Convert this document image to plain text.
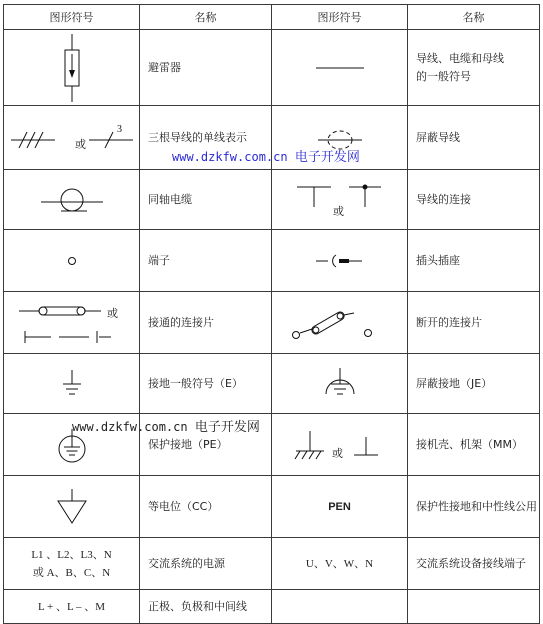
图形符号	名称	图形符号	名称

	避雷器		导线、电缆和母线
的一般符号

或
3	三根导线的单线表示		屏蔽导线

	同轴电缆	或	导线的连接

	端子		插头插座

或	接通的连接片		断开的连接片

	接地一般符号（E）		屏蔽接地（JE）

	保护接地（PE）	或	接机壳、机架（MM）

	等电位（CC）	PEN	保护性接地和中性线公用

L1 、L2、L3、N
或 A、B、C、N	交流系统的电源	U、V、W、N	交流系统设备接线端子

L + 、L – 、M	正极、负极和中间线		
www.dzkfw.com.cn 电子开发网
www.dzkfw.com.cn 电子开发网
